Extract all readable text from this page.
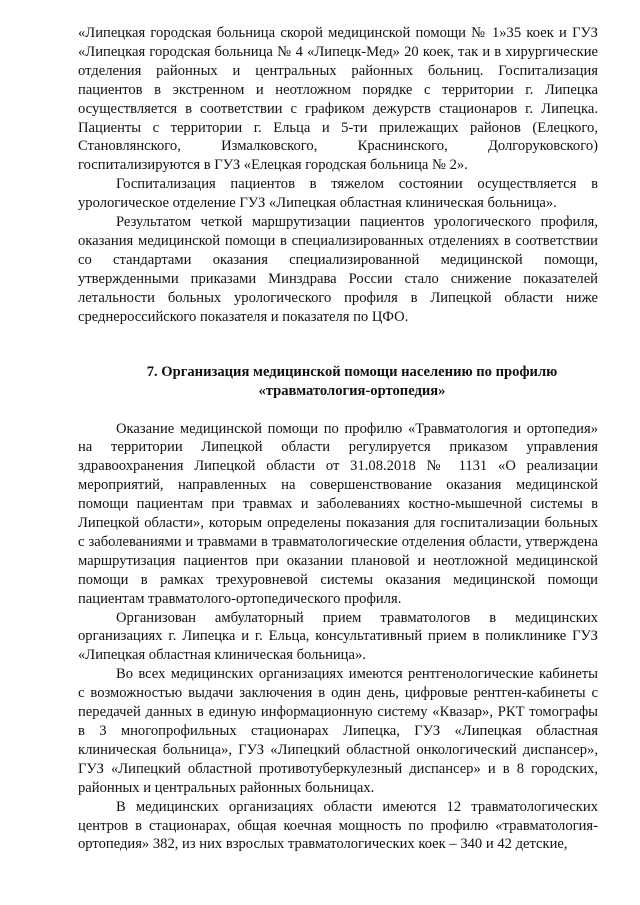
«Липецкая городская больница скорой медицинской помощи № 1»35 коек и ГУЗ «Липецкая городская больница № 4 «Липецк-Мед» 20 коек, так и в хирургические отделения районных и центральных районных больниц. Госпитализация пациентов в экстренном и неотложном порядке с территории г. Липецка осуществляется в соответствии с графиком дежурств стационаров г. Липецка. Пациенты с территории г. Ельца и 5-ти прилежащих районов (Елецкого, Становлянского, Измалковского, Краснинского, Долгоруковского) госпитализируются в ГУЗ «Елецкая городская больница № 2».

Госпитализация пациентов в тяжелом состоянии осуществляется в урологическое отделение ГУЗ «Липецкая областная клиническая больница».

Результатом четкой маршрутизации пациентов урологического профиля, оказания медицинской помощи в специализированных отделениях в соответствии со стандартами оказания специализированной медицинской помощи, утвержденными приказами Минздрава России стало снижение показателей летальности больных урологического профиля в Липецкой области ниже среднероссийского показателя и показателя по ЦФО.

7. Организация медицинской помощи населению по профилю «травматология-ортопедия»

Оказание медицинской помощи по профилю «Травматология и ортопедия» на территории Липецкой области регулируется приказом управления здравоохранения Липецкой области от 31.08.2018 № 1131 «О реализации мероприятий, направленных на совершенствование оказания медицинской помощи пациентам при травмах и заболеваниях костно-мышечной системы в Липецкой области», которым определены показания для госпитализации больных с заболеваниями и травмами в травматологические отделения области, утверждена маршрутизация пациентов при оказании плановой и неотложной медицинской помощи в рамках трехуровневой системы оказания медицинской помощи пациентам травматолого-ортопедического профиля.

Организован амбулаторный прием травматологов в медицинских организациях г. Липецка и г. Ельца, консультативный прием в поликлинике ГУЗ «Липецкая областная клиническая больница».

Во всех медицинских организациях имеются рентгенологические кабинеты с возможностью выдачи заключения в один день, цифровые рентген-кабинеты с передачей данных в единую информационную систему «Квазар», РКТ томографы в 3 многопрофильных стационарах Липецка, ГУЗ «Липецкая областная клиническая больница», ГУЗ «Липецкий областной онкологический диспансер», ГУЗ «Липецкий областной противотуберкулезный диспансер» и в 8 городских, районных и центральных районных больницах.

В медицинских организациях области имеются 12 травматологических центров в стационарах, общая коечная мощность по профилю «травматология-ортопедия» 382, из них взрослых травматологических коек – 340 и 42 детские,
